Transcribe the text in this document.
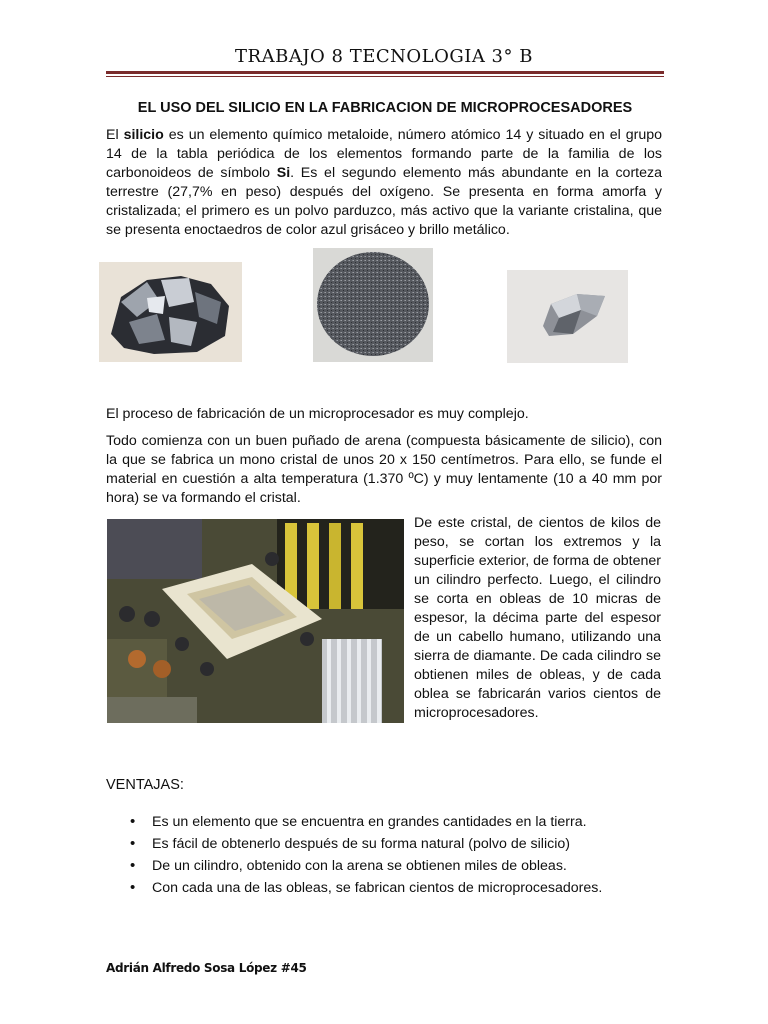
TRABAJO 8 TECNOLOGIA 3° B
EL USO DEL SILICIO EN LA FABRICACION DE MICROPROCESADORES

El silicio es un elemento químico metaloide, número atómico 14 y situado en el grupo 14 de la tabla periódica de los elementos formando parte de la familia de los carbonoideos de símbolo Si. Es el segundo elemento más abundante en la corteza terrestre (27,7% en peso) después del oxígeno. Se presenta en forma amorfa y cristalizada; el primero es un polvo parduzco, más activo que la variante cristalina, que se presenta enoctaedros de color azul grisáceo y brillo metálico.

El proceso de fabricación de un microprocesador es muy complejo.

Todo comienza con un buen puñado de arena (compuesta básicamente de silicio), con la que se fabrica un mono cristal de unos 20 x 150 centímetros. Para ello, se funde el material en cuestión a alta temperatura (1.370 ºC) y muy lentamente (10 a 40 mm por hora) se va formando el cristal.

De este cristal, de cientos de kilos de peso, se cortan los extremos y la superficie exterior, de forma de obtener un cilindro perfecto. Luego, el cilindro se corta en obleas de 10 micras de espesor, la décima parte del espesor de un cabello humano, utilizando una sierra de diamante. De cada cilindro se obtienen miles de obleas, y de cada oblea se fabricarán varios cientos de microprocesadores.

VENTAJAS:
• Es un elemento que se encuentra en grandes cantidades en la tierra.
• Es fácil de obtenerlo después de su forma natural (polvo de silicio)
• De un cilindro, obtenido con la arena se obtienen miles de obleas.
• Con cada una de las obleas, se fabrican cientos de microprocesadores.
Adrián Alfredo Sosa López #45
